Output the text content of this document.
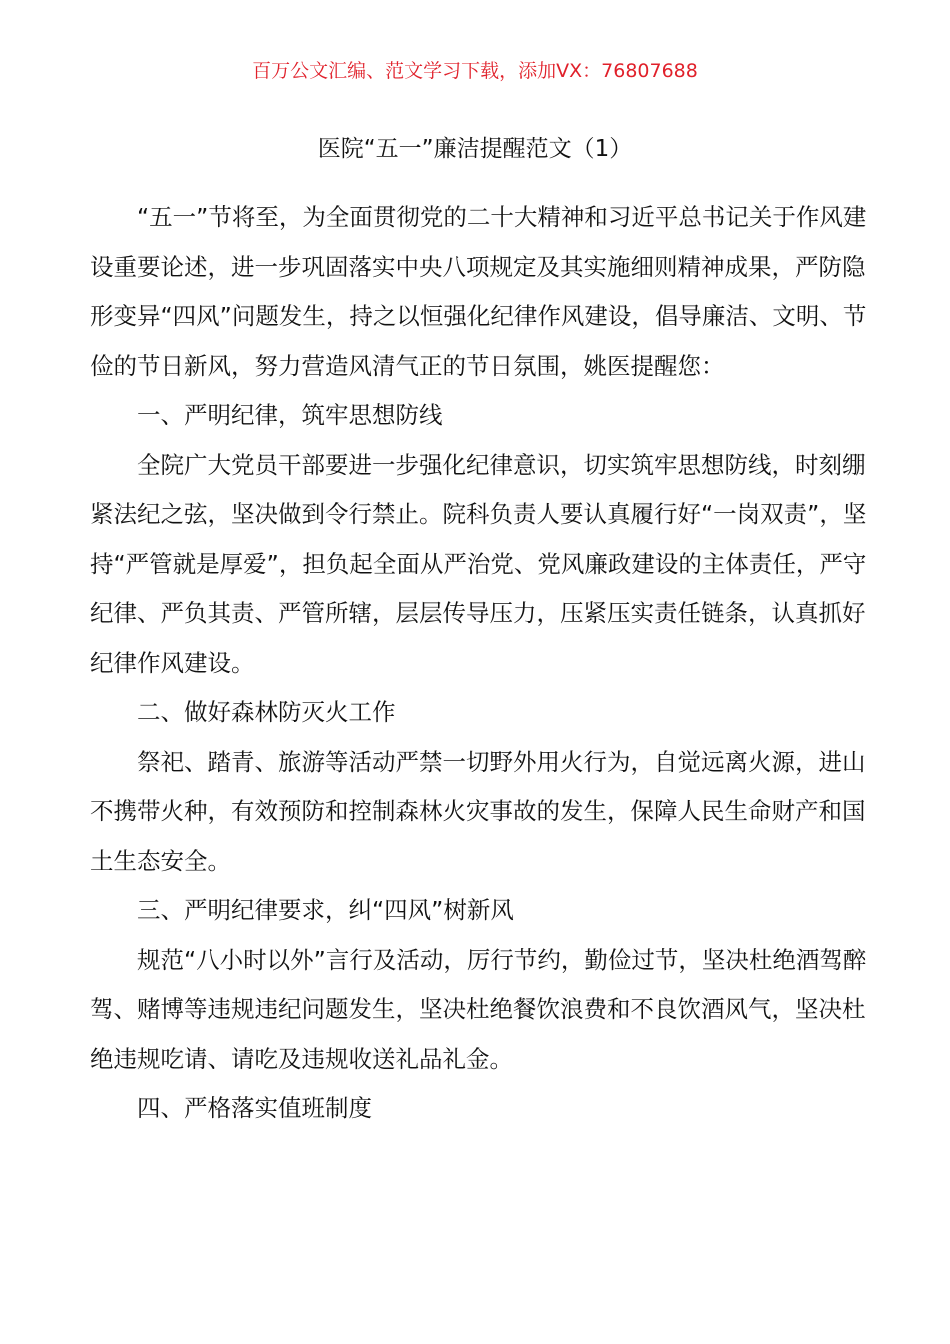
百万公文汇编、范文学习下载，添加VX：76807688
医院“五一”廉洁提醒范文（1）

“五一”节将至，为全面贯彻党的二十大精神和习近平总书记关于作风建设重要论述，进一步巩固落实中央八项规定及其实施细则精神成果，严防隐形变异“四风”问题发生，持之以恒强化纪律作风建设，倡导廉洁、文明、节俭的节日新风，努力营造风清气正的节日氛围，姚医提醒您：

一、严明纪律，筑牢思想防线

全院广大党员干部要进一步强化纪律意识，切实筑牢思想防线，时刻绷紧法纪之弦，坚决做到令行禁止。院科负责人要认真履行好“一岗双责”，坚持“严管就是厚爱”，担负起全面从严治党、党风廉政建设的主体责任，严守纪律、严负其责、严管所辖，层层传导压力，压紧压实责任链条，认真抓好纪律作风建设。

二、做好森林防灭火工作

祭祀、踏青、旅游等活动严禁一切野外用火行为，自觉远离火源，进山不携带火种，有效预防和控制森林火灾事故的发生，保障人民生命财产和国土生态安全。

三、严明纪律要求，纠“四风”树新风

规范“八小时以外”言行及活动，厉行节约，勤俭过节，坚决杜绝酒驾醉驾、赌博等违规违纪问题发生，坚决杜绝餐饮浪费和不良饮酒风气，坚决杜绝违规吃请、请吃及违规收送礼品礼金。

四、严格落实值班制度
